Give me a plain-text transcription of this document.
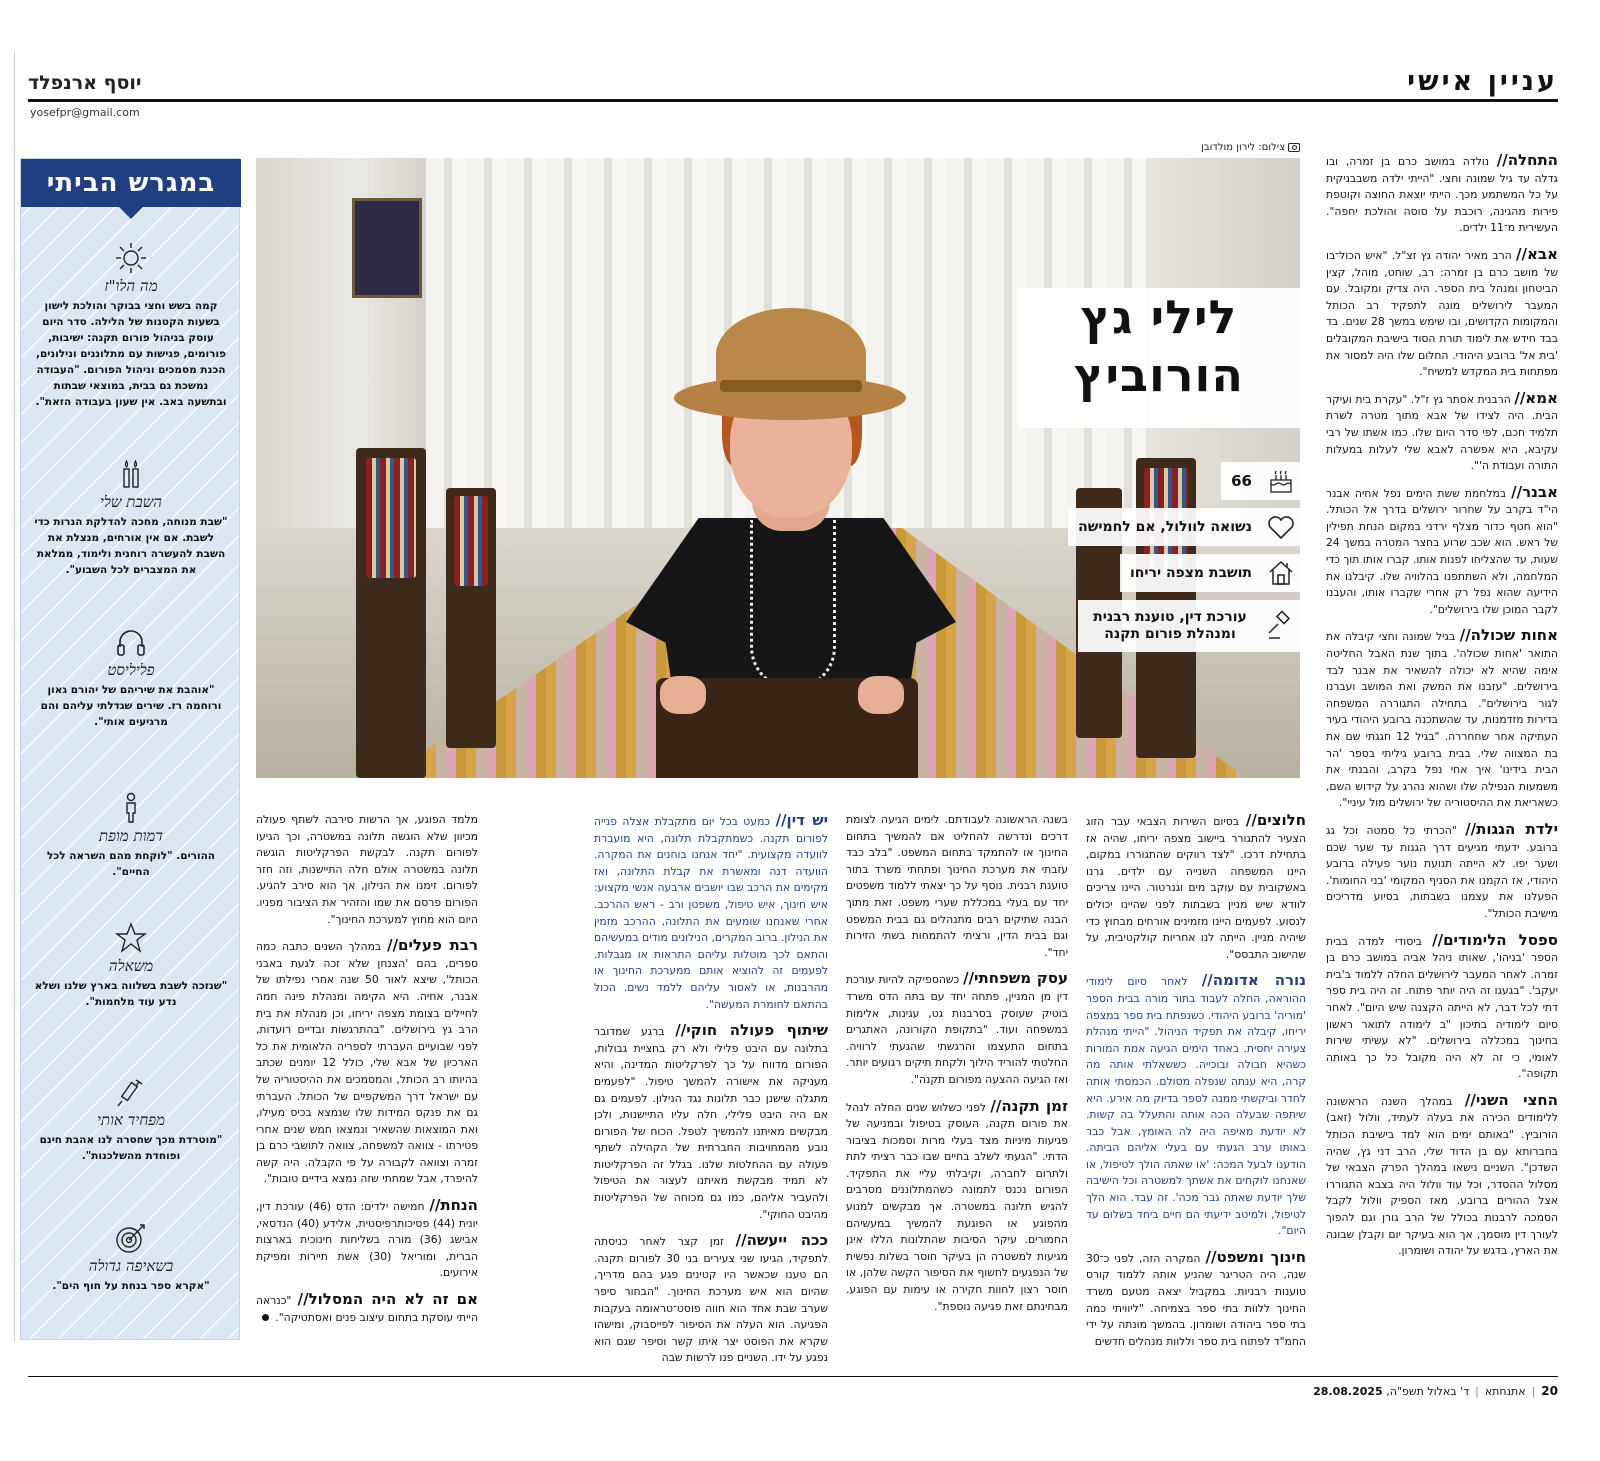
עניין אישי
יוסף ארנפלד
yosefpr@gmail.com
במגרש הביתי
מה הלו"ז
קמה בשש וחצי בבוקר והולכת לישון בשעות הקטנות של הלילה. סדר היום עוסק בניהול פורום תקנה: ישיבות, פורומים, פגישות עם מתלוננים ונילונים, הכנת מסמכים וניהול הפורום. "העבודה נמשכת גם בבית, במוצאי שבתות ובתשעה באב. אין שעון בעבודה הזאת".
השבת שלי
"שבת מנוחה, מחכה להדלקת הנרות כדי לשבת. אם אין אורחים, מנצלת את השבת להעשרה רוחנית ולימוד, ממלאת את המצברים לכל השבוע".
פליליסט
"אוהבת את שיריהם של יהורם גאון ורוחמה רז. שירים שגדלתי עליהם והם מרגיעים אותי".
דמות מופת
ההורים. "לוקחת מהם השראה לכל החיים".
משאלה
"שנזכה לשבת בשלווה בארץ שלנו ושלא נדע עוד מלחמות".
מפחיד אותי
"מוטרדת מכך שחסרה לנו אהבת חינם ופוחדת מהשלכנות".
בשאיפה גדולה
"אקרא ספר בנחת על חוף הים".
צילום: לירון מולדובן
לילי גץ
הורוביץ
66
נשואה לוולול, אם לחמישה
תושבת מצפה יריחו
עורכת דין, טוענת רבנית ומנהלת פורום תקנה

התחלה// נולדה במושב כרם בן זמרה, ובו גדלה עד גיל שמונה וחצי. "הייתי ילדה משבבניקית על כל המשתמע מכך. הייתי יוצאת החוצה וקוטפת פירות מהגינה, רוכבת על סוסה והולכת יחפה". העשירית מ־11 ילדים.

אבא// הרב מאיר יהודה גץ זצ"ל. "איש הכול־בו של מושב כרם בן זמרה: רב, שוחט, מוהל, קצין הביטחון ומנהל בית הספר. היה צדיק ומקובל. עם המעבר לירושלים מונה לתפקיד רב הכותל והמקומות הקדושים, ובו שימש במשך 28 שנים. בד בבד חידש את לימוד תורת הסוד בישיבת המקובלים 'בית אל' ברובע היהודי. החלום שלו היה למסור את מפתחות בית המקדש למשיח".

אמא// הרבנית אסתר גץ ז"ל. "עקרת בית ועיקר הבית. היה לצידו של אבא מתוך מטרה לשרת תלמיד חכם, לפי סדר היום שלו. כמו אשתו של רבי עקיבא, היא אפשרה לאבא שלי לעלות במעלות התורה ועבודת ה'".

אבנר// במלחמת ששת הימים נפל אחיה אבנר הי"ד בקרב על שחרור ירושלים בדרך אל הכותל. "הוא חטף כדור מצלף ירדני במקום הנחת תפילין של ראש. הוא שכב שרוע בחצר המטרה במשך 24 שעות, עד שהצליחו לפנות אותו. קברו אותו תוך כדי המלחמה, ולא השתתפנו בהלוויה שלו. קיבלנו את הידיעה שהוא נפל רק אחרי שקברו אותו, והעבנו לקבר המוכן שלו בירושלים".

אחות שכולה// בגיל שמונה וחצי קיבלה את התואר 'אחות שכולה'. בתוך שנת האבל החליטה אימה שהיא לא יכולה להשאיר את אבנר לבד בירושלים. "עזבנו את המשק ואת המושב ועברנו לגור בירושלים". בתחילה התגוררה המשפחה בדירות מזדמנות, עד שהשתכנה ברובע היהודי בעיר העתיקה אחר שחחררה. "בגיל 12 חגגתי שם את בת המצווה שלי. בבית ברובע גיליתי בספר 'הר הבית בידינו' איך אחי נפל בקרב, והבנתי את משמעות הנפילה שלו ושהוא נהרג על קידוש השם, כשאריאת את ההיסטוריה של ירושלים מול עיניי".

ילדת הגגות// "הכרתי כל סמטה וכל גג ברובע. ידעתי מגיעים דרך הגגות עד שער שכם ושער יפו. לא הייתה תנועת נוער פעילה ברובע היהודי, אז הקמנו את הסניף המקומי 'בני החומות'. הפעלנו את עצמנו בשבתות, בסיוע מדריכים מישיבת הכותל".

ספסל הלימודים// ביסודי למדה בבית הספר 'בניהו', שאותו ניהל אביה במושב כרם בן זמרה. לאחר המעבר לירושלים החלה ללמוד ב'בית יעקב'. "בגעגו זה היה יותר פתוח. זה היה בית ספר דתי לכל דבר, לא הייתה הקצנה שיש היום". לאחר סיום לימודיה בתיכון "ב לימודה לתואר ראשון בחינוך במכללה בירושלים. "לא עשיתי שירות לאומי, כי זה לא היה מקובל כל כך באותה תקופה".

החצי השני// במהלך השנה הראשונה ללימודים הכירה את בעלה לעתיד, וולול (זאב) הורוביץ. "באותם ימים הוא למד בישיבת הכותל בחברותא עם בן הדוד שלי, הרב דני גץ, שהיה השדכן". השניים נישאו במהלך הפרק הצבאי של מסלול ההסדר, וכל עוד וולול היה בצבא התגוררו אצל ההורים ברובע. מאז הספיק וולול לקבל הסמכה לרבנות בכולל של הרב גורן וגם להפוך לעורך דין מוסמך, אך הוא בעיקר יום וקבלן שבונה את הארץ, בדגש על יהודה ושומרון.

חלוצים// בסיום השירות הצבאי עבר הזוג הצעיר להתגורר ביישוב מצפה יריחו, שהיה אז בתחילת דרכו. "לצד רווקים שהתגוררו במקום, היינו המשפחה השנייה עם ילדים. גרנו באשקובית עם עוקב מים וגנרטור. היינו צריכים לוודא שיש מניין בשבתות לפני שהיינו יכולים לנסוע. לפעמים היינו מזמינים אורחים מבחוץ כדי שיהיה מניין. הייתה לנו אחריות קולקטיבית, על שהישוב התבסס".

נורה אדומה// לאחר סיום לימודי ההוראה, החלה לעבוד בתור מורה בבית הספר 'מוריה' ברובע היהודי. כשנפתח בית ספר במצפה יריחו, קיבלה את תפקיד הניהול. "הייתי מנהלת צעירה יחסית. באחד הימים הגיעה אמת המורות כשהיא חבולה ובוכייה. כששאלתי אותה מה קרה, היא ענתה שנפלה מסולם. הכמסתי אותה לחדר וביקשתי ממנה לספר בדיוק מה אירע. היא שיתפה שבעלה הכה אותה והתעלל בה קשות. לא יודעת מאיפה היה לה האומץ, אבל כבר באותו ערב הגעתי עם בעלי אליהם הביתה. הודענו לבעל המכה: 'או שאתה הולך לטיפול, או שאנחנו לוקחים את אשתך למשטרה וכל הישיבה שלך יודעת שאתה גבר מכה'. זה עבד. הוא הלך לטיפול, ולמיטב ידיעתי הם חיים ביחד בשלום עד היום".

חינוך ומשפט// המקרה הזה, לפני כ־30 שנה, היה הטריגר שהניע אותה ללמוד קורס טוענות רבניות. במקביל יצאה מטעם משרד החינוך ללוות בתי ספר בצמיחה. "ליוויתי כמה בתי ספר ביהודה ושומרון. בהמשך מונתה על ידי החמ"ד לפתוח בית ספר וללוות מנהלים חדשים

בשנה הראשונה לעבודתם. לימים הגיעה לצומת דרכים ונדרשה להחליט אם להמשיך בתחום החינוך או להתמקד בתחום המשפט. "בלב כבד עזבתי את מערכת החינוך ופתחתי משרד בתור טוענת רבנית. נוסף על כך יצאתי ללמוד משפטים יחד עם בעלי במכללת שערי משפט. זאת מתוך הבנה שתיקים רבים מתנהלים גם בבית המשפט וגם בבית הדין, ורציתי להתמחות בשתי הזירות יחד".

עסק משפחתי// כשהספיקה להיות עורכת דין מן המניין, פתחה יחד עם בתה הדס משרד בוטיק שעוסק בסרבנות גט, עגינות, אלימות במשפחה ועוד. "בתקופת הקורונה, האתגרים בתחום התעצמו והרגשתי שהגעתי לרוויה. החלטתי להוריד הילוך ולקחת תיקים רגועים יותר. ואז הגיעה ההצעה מפורום תקנה".

זמן תקנה// לפני כשלוש שנים החלה לנהל את פורום תקנה, העוסק בטיפול ובמניעה של פגיעות מיניות מצד בעלי מרות וסמכות בציבור הדתי. "הגעתי לשלב בחיים שבו כבר רציתי לתת ולתרום לחברה, וקיבלתי עליי את התפקיד. הפורום נכנס לתמונה כשהמתלוננים מסרבים להגיש תלונה במשטרה. אך מבקשים למנוע מהפוגע או הפוגעת להמשיך במעשיהם החמורים. עיקר הסיבות שהתלונות הללו אינן מגיעות למשטרה הן בעיקר חוסר בשלות נפשית של הנפגעים לחשוף את הסיפור הקשה שלהן, או חוסר רצון לחוות חקירה או עימות עם הפוגע. מבחינתם זאת פגיעה נוספת".

יש דין// כמעט בכל יום מתקבלת אצלה פנייה לפורום תקנה. כשמתקבלת תלונה, היא מועברת לוועדה מקצועית. "יחד אנחנו בוחנים את המקרה. הוועדה דנה ומאשרת את קבלת התלונה, ואז מקימים את הרכב שבו יושבים ארבעה אנשי מקצוע: איש חינוך, איש טיפול, משפטן ורב - ראש ההרכב. אחרי שאנחנו שומעים את התלונה, ההרכב מזמין את הנילון. ברוב המקרים, הנילונים מודים במעשיהם והתאם לכך מוטלות עליהם התראות או מגבלות. לפעמים זה להוציא אותם ממערכת החינוך או מהרבנות, או לאסור עליהם ללמד נשים. הכול בהתאם לחומרת המעשה".

שיתוף פעולה חוקי// ברגע שמדובר בתלונה עם היבט פלילי ולא רק בחציית גבולות, הפורום מדווח על כך לפרקליטות המדינה, והיא מעניקה את אישורה להמשך טיפול. "לפעמים מתגלה שישנן כבר תלונות נגד הנילון. לפעמים גם אם היה היבט פלילי, חלה עליו התיישנות, ולכן מבקשים מאיתנו להמשיך לטפל. הכוח של הפורום נובע מהמחויבות החברתית של הקהילה לשתף פעולה עם ההחלטות שלנו. בגלל זה הפרקליטות לא תמיד מבקשת מאיתנו לעצור את הטיפול ולהעביר אליהם, כמו גם מכוחה של הפרקליטות מהיבט החוקי".

ככה ייעשה// זמן קצר לאחר כניסתה לתפקיד, הגיעו שני צעירים בני 30 לפורום תקנה. הם טענו שכאשר היו קטינים פגע בהם מדריך, שהיום הוא איש מערכת החינוך. "הבחור סיפר שערב שבת אחד הוא חווה פוסט־טראומה בעקבות הפגיעה. הוא העלה את הסיפור לפייסבוק, ומישהו שקרא את הפוסט יצר איתו קשר וסיפר שגם הוא נפגע על ידו. השניים פנו לרשות שבה

מלמד הפוגע, אך הרשות סירבה לשתף פעולה מכיוון שלא הוגשה תלונה במשטרה, וכך הגיעו לפורום תקנה. לבקשת הפרקליטות הוגשה תלונה במשטרה אולם חלה התיישנות, וזה חזר לפורום. זימנו את הנילון, אך הוא סירב להגיע. הפורום פרסם את שמו והזהיר את הציבור מפניו. היום הוא מחוץ למערכת החינוך".

רבת פעלים// במהלך השנים כתבה כמה ספרים, בהם 'הצנחן שלא זכה לגעת באבני הכותל', שיצא לאור 50 שנה אחרי נפילתו של אבנר, אחיה. היא הקימה ומנהלת פינה חמה לחיילים בצומת מצפה יריחו, וכן מנהלת את בית הרב גץ בירושלים. "בהתרגשות ובדיים רועדות, לפני שבועיים העברתי לספריה הלאומית את כל הארכיון של אבא שלי, כולל 12 יומנים שכתב בהיותו רב הכותל, והמסמכים את ההיסטוריה של עם ישראל דרך המשקפיים של הכותל. העברתי גם את פנקס המידות שלו שנמצא בכיס מעילו, ואת המוצאות שהשאיר ונמצאו חמש שנים אחרי פטירתו - צוואה למשפחה, צוואה לתושבי כרם בן זמרה וצוואה לקבורה על פי הקבלה. היה קשה להיפרד, אבל שמחתי שזה נמצא בידיים טובות".

הנחת// חמישה ילדים: הדס (46) עורכת דין, יונית (44) פסיכותרפיסטית, אלידע (40) הנדסאי, אבישג (36) מורה בשליחות חינוכית בארצות הברית, ומוריאל (30) אשת תיירות ומפיקת אירועים.

אם זה לא היה המסלול// "כנראה הייתי עוסקת בתחום עיצוב פנים ואסתטיקה".

20|אתנחתא|ד' באלול תשפ"ה, 28.08.2025
